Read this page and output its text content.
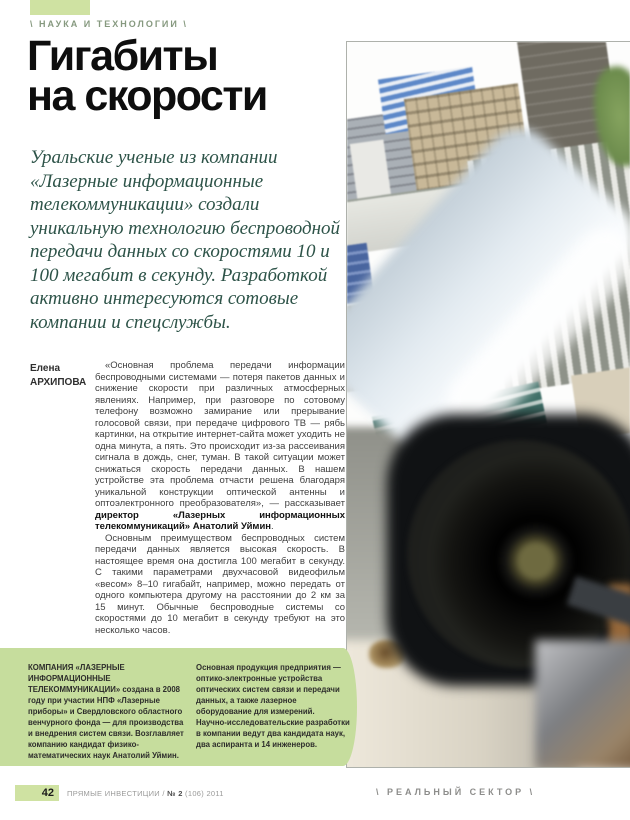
\ НАУКА И ТЕХНОЛОГИИ \
Гигабиты
на скорости
Уральские ученые из компании «Лазерные информационные телекоммуникации» создали уникальную технологию беспроводной передачи данных со скоростями 10 и 100 мегабит в секунду. Разработкой активно интересуются сотовые компании и спецслужбы.
Елена
АРХИПОВА

«Основная проблема передачи информации беспроводными системами — потеря пакетов данных и снижение скорости при различных атмосферных явлениях. Например, при разговоре по сотовому телефону возможно замирание или прерывание голосовой связи, при передаче цифрового ТВ — рябь картинки, на открытие интернет-сайта может уходить не одна минута, а пять. Это происходит из-за рассеивания сигнала в дождь, снег, туман. В такой ситуации может снижаться скорость передачи данных. В нашем устройстве эта проблема отчасти решена благодаря уникальной конструкции оптической антенны и оптоэлектронного преобразователя», — рассказывает директор «Лазерных информационных телекоммуникаций» Анатолий Уймин.

Основным преимуществом беспроводных систем передачи данных является высокая скорость. В настоящее время она достигла 100 мегабит в секунду. С такими параметрами двухчасовой видеофильм «весом» 8–10 гигабайт, например, можно передать от одного компьютера другому на расстоянии до 2 км за 15 минут. Обычные беспроводные системы со скоростями до 10 мегабит в секунду требуют на это несколько часов.

КОМПАНИЯ «ЛАЗЕРНЫЕ ИНФОРМАЦИОННЫЕ ТЕЛЕКОММУНИКАЦИИ» создана в 2008 году при участии НПФ «Лазерные приборы» и Свердловского областного венчурного фонда — для производства и внедрения систем связи. Возглавляет компанию кандидат физико-математических наук Анатолий Уймин.

Основная продукция предприятия — оптико-электронные устройства оптических систем связи и передачи данных, а также лазерное оборудование для измерений.

Научно-исследовательские разработки в компании ведут два кандидата наук, два аспиранта и 14 инженеров.

42	ПРЯМЫЕ ИНВЕСТИЦИИ / № 2 (106) 2011	\ РЕАЛЬНЫЙ СЕКТОР \
